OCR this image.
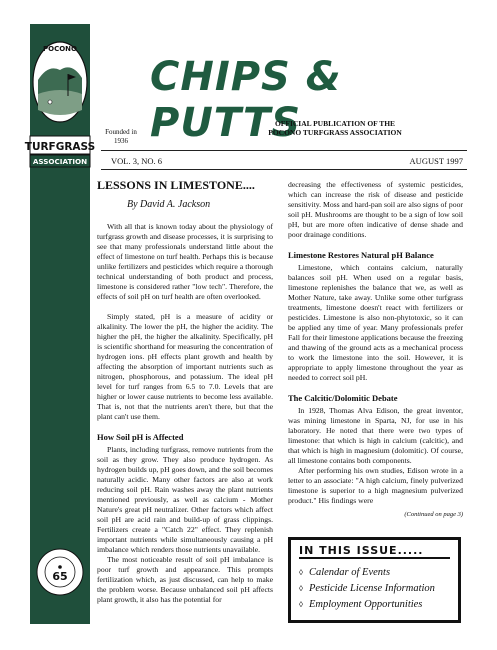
POCONO
TURFGRASS
ASSOCIATION
65
CHIPS & PUTTS
Founded in
1936
OFFICIAL PUBLICATION OF THE
POCONO TURFGRASS ASSOCIATION
VOL. 3, NO. 6	AUGUST 1997

LESSONS IN LIMESTONE....

By David A. Jackson

With all that is known today about the physiology of turfgrass growth and disease processes, it is surprising to see that many professionals understand little about the effect of limestone on turf health. Perhaps this is because unlike fertilizers and pesticides which require a thorough technical understanding of both product and process, limestone is considered rather "low tech". Therefore, the effects of soil pH on turf health are often overlooked.

Simply stated, pH is a measure of acidity or alkalinity. The lower the pH, the higher the acidity. The higher the pH, the higher the alkalinity. Specifically, pH is scientific shorthand for measuring the concentration of hydrogen ions. pH effects plant growth and health by affecting the absorption of important nutrients such as nitrogen, phosphorous, and potassium. The ideal pH level for turf ranges from 6.5 to 7.0. Levels that are higher or lower cause nutrients to become less available. That is, not that the nutrients aren't there, but that the plant can't use them.

How Soil pH is Affected

Plants, including turfgrass, remove nutrients from the soil as they grow. They also produce hydrogen. As hydrogen builds up, pH goes down, and the soil becomes naturally acidic. Many other factors are also at work reducing soil pH. Rain washes away the plant nutrients mentioned previously, as well as calcium - Mother Nature's great pH neutralizer. Other factors which affect soil pH are acid rain and build-up of grass clippings. Fertilizers create a "Catch 22" effect. They replenish important nutrients while simultaneously causing a pH imbalance which renders those nutrients unavailable.

The most noticeable result of soil pH imbalance is poor turf growth and appearance. This prompts fertilization which, as just discussed, can help to make the problem worse. Because unbalanced soil pH affects plant growth, it also has the potential for

decreasing the effectiveness of systemic pesticides, which can increase the risk of disease and pesticide sensitivity. Moss and hard-pan soil are also signs of poor soil pH. Mushrooms are thought to be a sign of low soil pH, but are more often indicative of dense shade and poor drainage conditions.

Limestone Restores Natural pH Balance

Limestone, which contains calcium, naturally balances soil pH. When used on a regular basis, limestone replenishes the balance that we, as well as Mother Nature, take away. Unlike some other turfgrass treatments, limestone doesn't react with fertilizers or pesticides. Limestone is also non-phytotoxic, so it can be applied any time of year. Many professionals prefer Fall for their limestone applications because the freezing and thawing of the ground acts as a mechanical process to work the limestone into the soil. However, it is appropriate to apply limestone throughout the year as needed to correct soil pH.

The Calcitic/Dolomitic Debate

In 1928, Thomas Alva Edison, the great inventor, was mining limestone in Sparta, NJ, for use in his laboratory. He noted that there were two types of limestone: that which is high in calcium (calcitic), and that which is high in magnesium (dolomitic). Of course, all limestone contains both components.

After performing his own studies, Edison wrote in a letter to an associate: "A high calcium, finely pulverized limestone is superior to a high magnesium pulverized product." His findings were

(Continued on page 3)
IN THIS ISSUE.....
◊ Calendar of Events
◊ Pesticide License Information
◊ Employment Opportunities
